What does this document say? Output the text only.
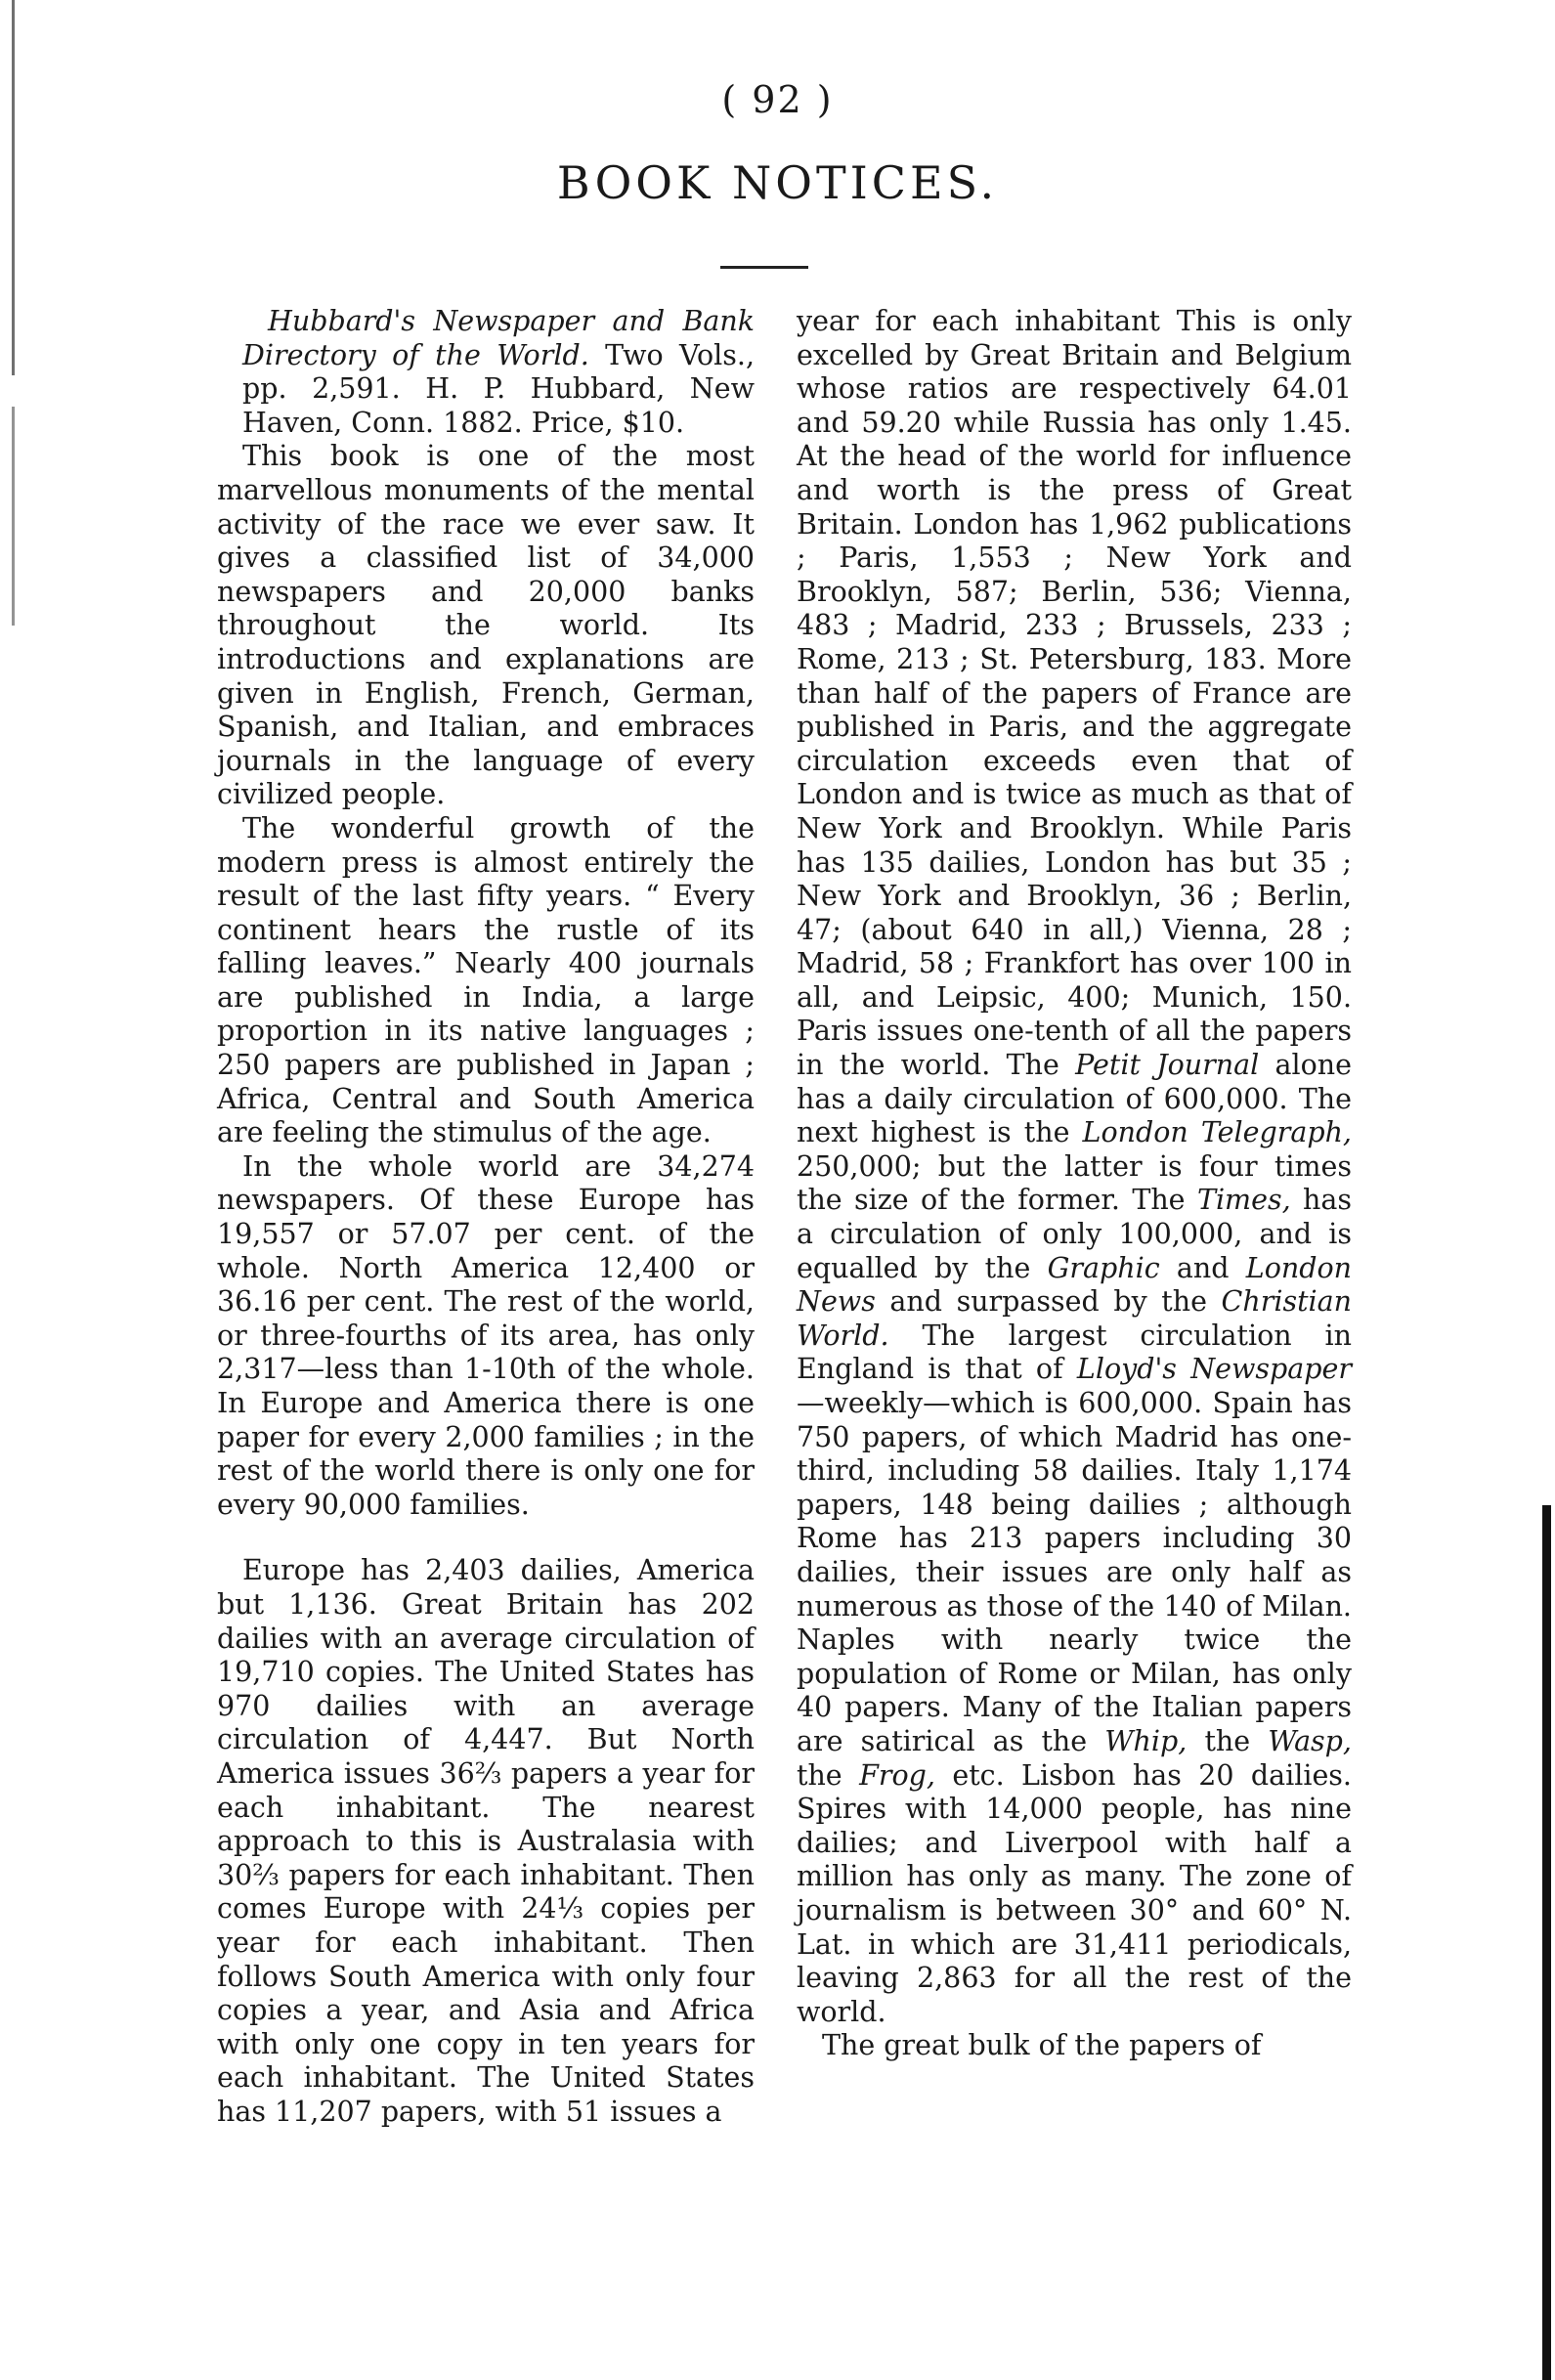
( 92 )
BOOK NOTICES.

Hubbard's Newspaper and Bank Directory of the World. Two Vols., pp. 2,591. H. P. Hubbard, New Haven, Conn. 1882. Price, $10.

This book is one of the most marvellous monuments of the mental activity of the race we ever saw. It gives a classified list of 34,000 newspapers and 20,000 banks throughout the world. Its introductions and explanations are given in English, French, German, Spanish, and Italian, and embraces journals in the language of every civilized people.

The wonderful growth of the modern press is almost entirely the result of the last fifty years. “ Every continent hears the rustle of its falling leaves.” Nearly 400 journals are published in India, a large proportion in its native languages ; 250 papers are published in Japan ; Africa, Central and South America are feeling the stimulus of the age.

In the whole world are 34,274 newspapers. Of these Europe has 19,557 or 57.07 per cent. of the whole. North America 12,400 or 36.16 per cent. The rest of the world, or three-fourths of its area, has only 2,317—less than 1-10th of the whole. In Europe and America there is one paper for every 2,000 families ; in the rest of the world there is only one for every 90,000 families.

Europe has 2,403 dailies, America but 1,136. Great Britain has 202 dailies with an average circulation of 19,710 copies. The United States has 970 dailies with an average circulation of 4,447. But North America issues 36⅔ papers a year for each inhabitant. The nearest approach to this is Australasia with 30⅔ papers for each inhabitant. Then comes Europe with 24⅓ copies per year for each inhabitant. Then follows South America with only four copies a year, and Asia and Africa with only one copy in ten years for each inhabitant. The United States has 11,207 papers, with 51 issues a

year for each inhabitant This is only excelled by Great Britain and Belgium whose ratios are respectively 64.01 and 59.20 while Russia has only 1.45. At the head of the world for influence and worth is the press of Great Britain. London has 1,962 publications ; Paris, 1,553 ; New York and Brooklyn, 587; Berlin, 536; Vienna, 483 ; Madrid, 233 ; Brussels, 233 ; Rome, 213 ; St. Petersburg, 183. More than half of the papers of France are published in Paris, and the aggregate circulation exceeds even that of London and is twice as much as that of New York and Brooklyn. While Paris has 135 dailies, London has but 35 ; New York and Brooklyn, 36 ; Berlin, 47; (about 640 in all,) Vienna, 28 ; Madrid, 58 ; Frankfort has over 100 in all, and Leipsic, 400; Munich, 150. Paris issues one-tenth of all the papers in the world. The Petit Journal alone has a daily circulation of 600,000. The next highest is the London Telegraph, 250,000; but the latter is four times the size of the former. The Times, has a circulation of only 100,000, and is equalled by the Graphic and London News and surpassed by the Christian World. The largest circulation in England is that of Lloyd's Newspaper—weekly—which is 600,000. Spain has 750 papers, of which Madrid has one-third, including 58 dailies. Italy 1,174 papers, 148 being dailies ; although Rome has 213 papers including 30 dailies, their issues are only half as numerous as those of the 140 of Milan. Naples with nearly twice the population of Rome or Milan, has only 40 papers. Many of the Italian papers are satirical as the Whip, the Wasp, the Frog, etc. Lisbon has 20 dailies. Spires with 14,000 people, has nine dailies; and Liverpool with half a million has only as many. The zone of journalism is between 30° and 60° N. Lat. in which are 31,411 periodicals, leaving 2,863 for all the rest of the world.

The great bulk of the papers of
